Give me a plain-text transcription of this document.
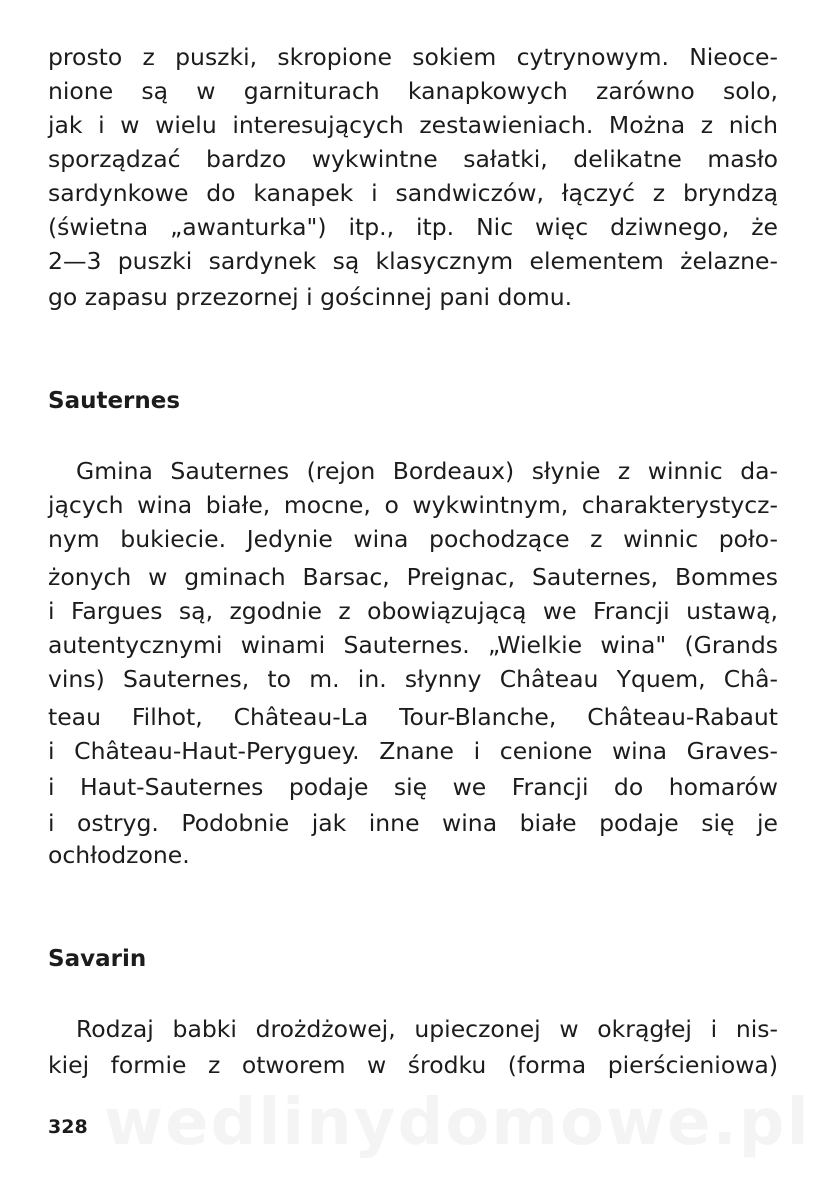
prosto z puszki, skropione sokiem cytrynowym. Nieoce-
nione są w garniturach kanapkowych zarówno solo,
jak i w wielu interesujących zestawieniach. Można z nich
sporządzać bardzo wykwintne sałatki, delikatne masło
sardynkowe do kanapek i sandwiczów, łączyć z bryndzą
(świetna „awanturka") itp., itp. Nic więc dziwnego, że
2—3 puszki sardynek są klasycznym elementem żelazne-
go zapasu przezornej i gościnnej pani domu.
Sauternes
Gmina Sauternes (rejon Bordeaux) słynie z winnic da-
jących wina białe, mocne, o wykwintnym, charakterystycz-
nym bukiecie. Jedynie wina pochodzące z winnic poło-
żonych w gminach Barsac, Preignac, Sauternes, Bommes
i Fargues są, zgodnie z obowiązującą we Francji ustawą,
autentycznymi winami Sauternes. „Wielkie wina" (Grands
vins) Sauternes, to m. in. słynny Château Yquem, Châ-
teau Filhot, Château-La Tour-Blanche, Château-Rabaut
i Château-Haut-Peryguey. Znane i cenione wina Graves-
i Haut-Sauternes podaje się we Francji do homarów
i ostryg. Podobnie jak inne wina białe podaje się je
ochłodzone.
Savarin
Rodzaj babki drożdżowej, upieczonej w okrągłej i nis-
kiej formie z otworem w środku (forma pierścieniowa)
328
